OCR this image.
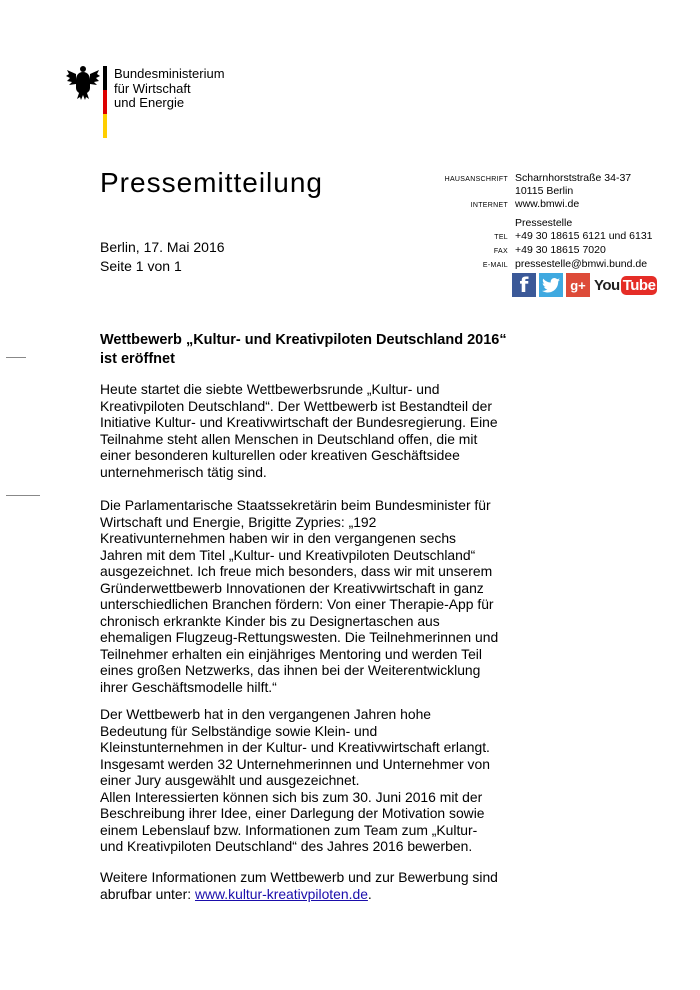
Bundesministerium
für Wirtschaft
und Energie
Pressemitteilung
Berlin, 17. Mai 2016
Seite 1 von 1
HAUSANSCHRIFT Scharnhorststraße 34-37
10115 Berlin
INTERNET www.bmwi.de
Pressestelle
TEL +49 30 18615 6121 und 6131
FAX +49 30 18615 7020
E-MAIL pressestelle@bmwi.bund.de
f	g+ You Tube
Wettbewerb „Kultur- und Kreativpiloten Deutschland 2016“ ist eröffnet
Heute startet die siebte Wettbewerbsrunde „Kultur- und
Kreativpiloten Deutschland“. Der Wettbewerb ist Bestandteil der
Initiative Kultur- und Kreativwirtschaft der Bundesregierung. Eine
Teilnahme steht allen Menschen in Deutschland offen, die mit
einer besonderen kulturellen oder kreativen Geschäftsidee
unternehmerisch tätig sind.
Die Parlamentarische Staatssekretärin beim Bundesminister für
Wirtschaft und Energie, Brigitte Zypries: „192
Kreativunternehmen haben wir in den vergangenen sechs
Jahren mit dem Titel „Kultur- und Kreativpiloten Deutschland“
ausgezeichnet. Ich freue mich besonders, dass wir mit unserem
Gründerwettbewerb Innovationen der Kreativwirtschaft in ganz
unterschiedlichen Branchen fördern: Von einer Therapie-App für
chronisch erkrankte Kinder bis zu Designertaschen aus
ehemaligen Flugzeug-Rettungswesten. Die Teilnehmerinnen und
Teilnehmer erhalten ein einjähriges Mentoring und werden Teil
eines großen Netzwerks, das ihnen bei der Weiterentwicklung
ihrer Geschäftsmodelle hilft.“
Der Wettbewerb hat in den vergangenen Jahren hohe
Bedeutung für Selbständige sowie Klein- und
Kleinstunternehmen in der Kultur- und Kreativwirtschaft erlangt.
Insgesamt werden 32 Unternehmerinnen und Unternehmer von
einer Jury ausgewählt und ausgezeichnet.
Allen Interessierten können sich bis zum 30. Juni 2016 mit der
Beschreibung ihrer Idee, einer Darlegung der Motivation sowie
einem Lebenslauf bzw. Informationen zum Team zum „Kultur-
und Kreativpiloten Deutschland“ des Jahres 2016 bewerben.
Weitere Informationen zum Wettbewerb und zur Bewerbung sind
abrufbar unter: www.kultur-kreativpiloten.de.
